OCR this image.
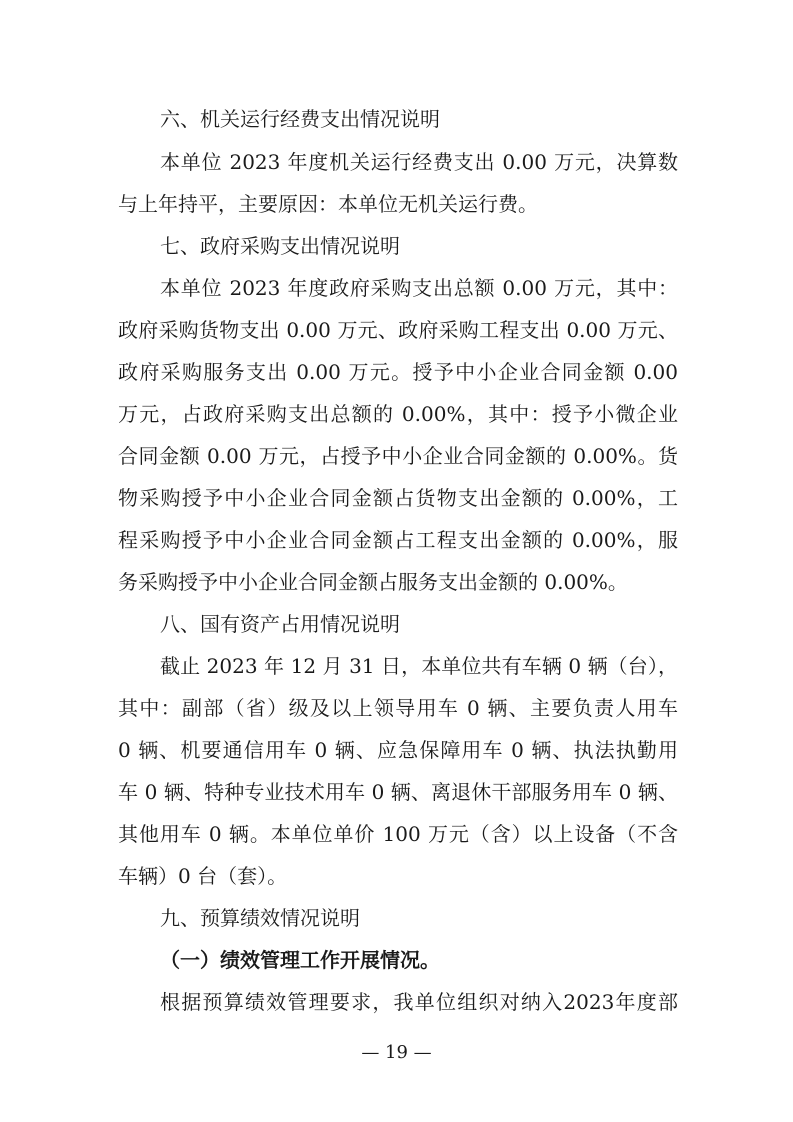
六、机关运行经费支出情况说明
本单位 2023 年度机关运行经费支出 0.00 万元，决算数
与上年持平，主要原因：本单位无机关运行费。
七、政府采购支出情况说明
本单位 2023 年度政府采购支出总额 0.00 万元，其中：
政府采购货物支出 0.00 万元、政府采购工程支出 0.00 万元、
政府采购服务支出 0.00 万元。授予中小企业合同金额 0.00
万元，占政府采购支出总额的 0.00%，其中：授予小微企业
合同金额 0.00 万元，占授予中小企业合同金额的 0.00%。货
物采购授予中小企业合同金额占货物支出金额的 0.00%，工
程采购授予中小企业合同金额占工程支出金额的 0.00%，服
务采购授予中小企业合同金额占服务支出金额的 0.00%。
八、国有资产占用情况说明
截止 2023 年 12 月 31 日，本单位共有车辆 0 辆（台），
其中：副部（省）级及以上领导用车 0 辆、主要负责人用车
0 辆、机要通信用车 0 辆、应急保障用车 0 辆、执法执勤用
车 0 辆、特种专业技术用车 0 辆、离退休干部服务用车 0 辆、
其他用车 0 辆。本单位单价 100 万元（含）以上设备（不含
车辆）0 台（套）。
九、预算绩效情况说明
（一）绩效管理工作开展情况。
根据预算绩效管理要求，我单位组织对纳入2023年度部
— 19 —
